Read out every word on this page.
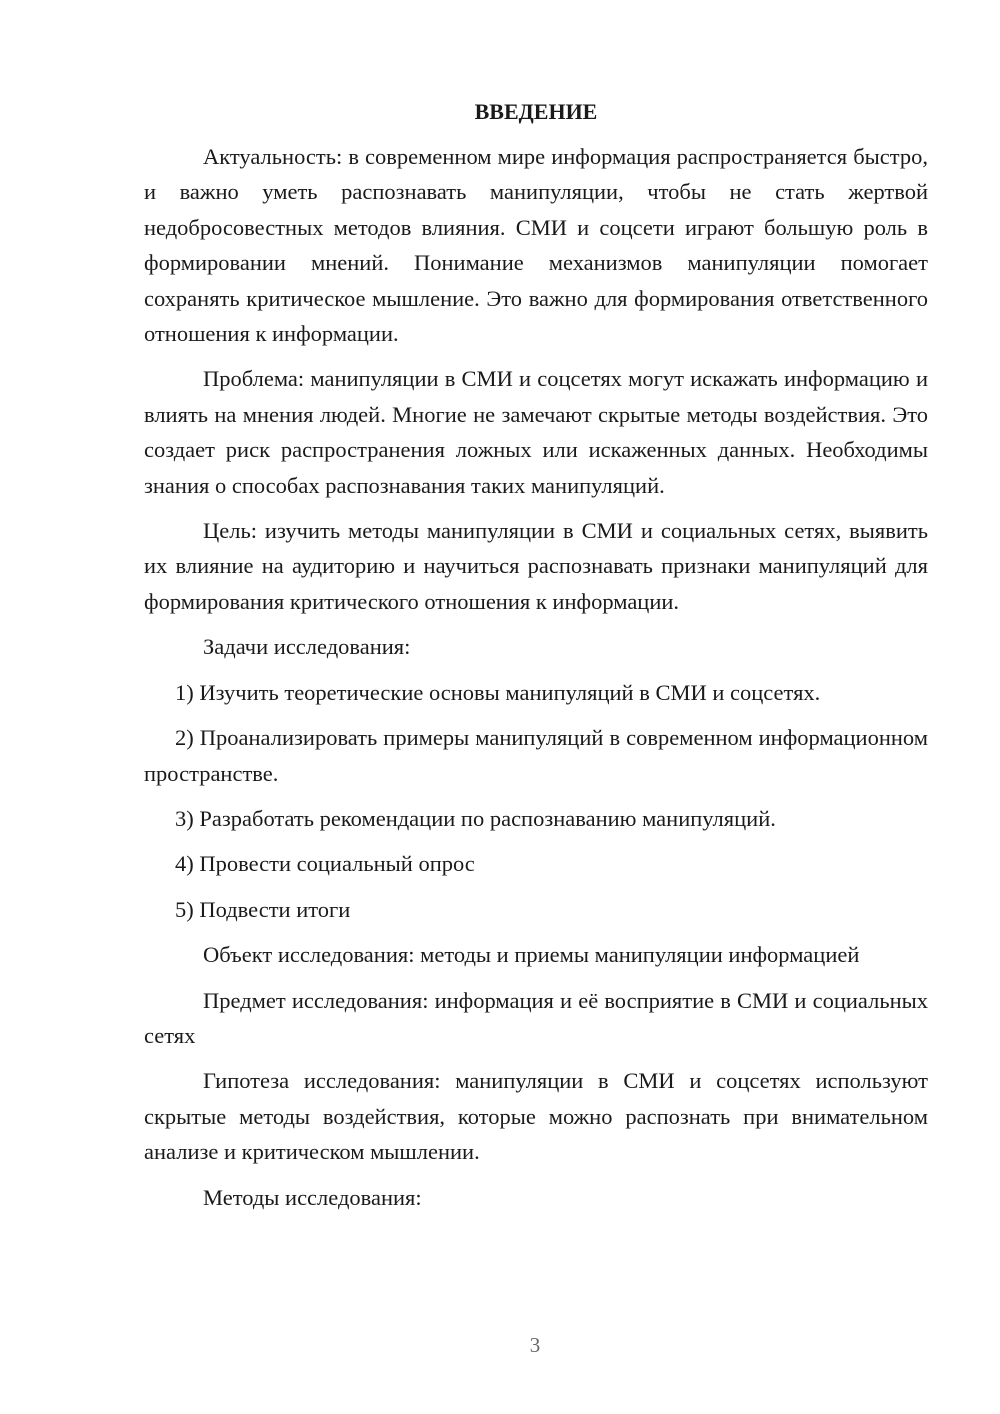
ВВЕДЕНИЕ

Актуальность: в современном мире информация распространяется быстро, и важно уметь распознавать манипуляции, чтобы не стать жертвой недобросовестных методов влияния. СМИ и соцсети играют большую роль в формировании мнений. Понимание механизмов манипуляции помогает сохранять критическое мышление. Это важно для формирования ответственного отношения к информации.

Проблема: манипуляции в СМИ и соцсетях могут искажать информацию и влиять на мнения людей. Многие не замечают скрытые методы воздействия. Это создает риск распространения ложных или искаженных данных. Необходимы знания о способах распознавания таких манипуляций.

Цель: изучить методы манипуляции в СМИ и социальных сетях, выявить их влияние на аудиторию и научиться распознавать признаки манипуляций для формирования критического отношения к информации.

Задачи исследования:

1) Изучить теоретические основы манипуляций в СМИ и соцсетях.

2) Проанализировать примеры манипуляций в современном информационном пространстве.

3) Разработать рекомендации по распознаванию манипуляций.

4) Провести социальный опрос

5) Подвести итоги

Объект исследования: методы и приемы манипуляции информацией

Предмет исследования: информация и её восприятие в СМИ и социальных сетях

Гипотеза исследования: манипуляции в СМИ и соцсетях используют скрытые методы воздействия, которые можно распознать при внимательном анализе и критическом мышлении.

Методы исследования:

3
